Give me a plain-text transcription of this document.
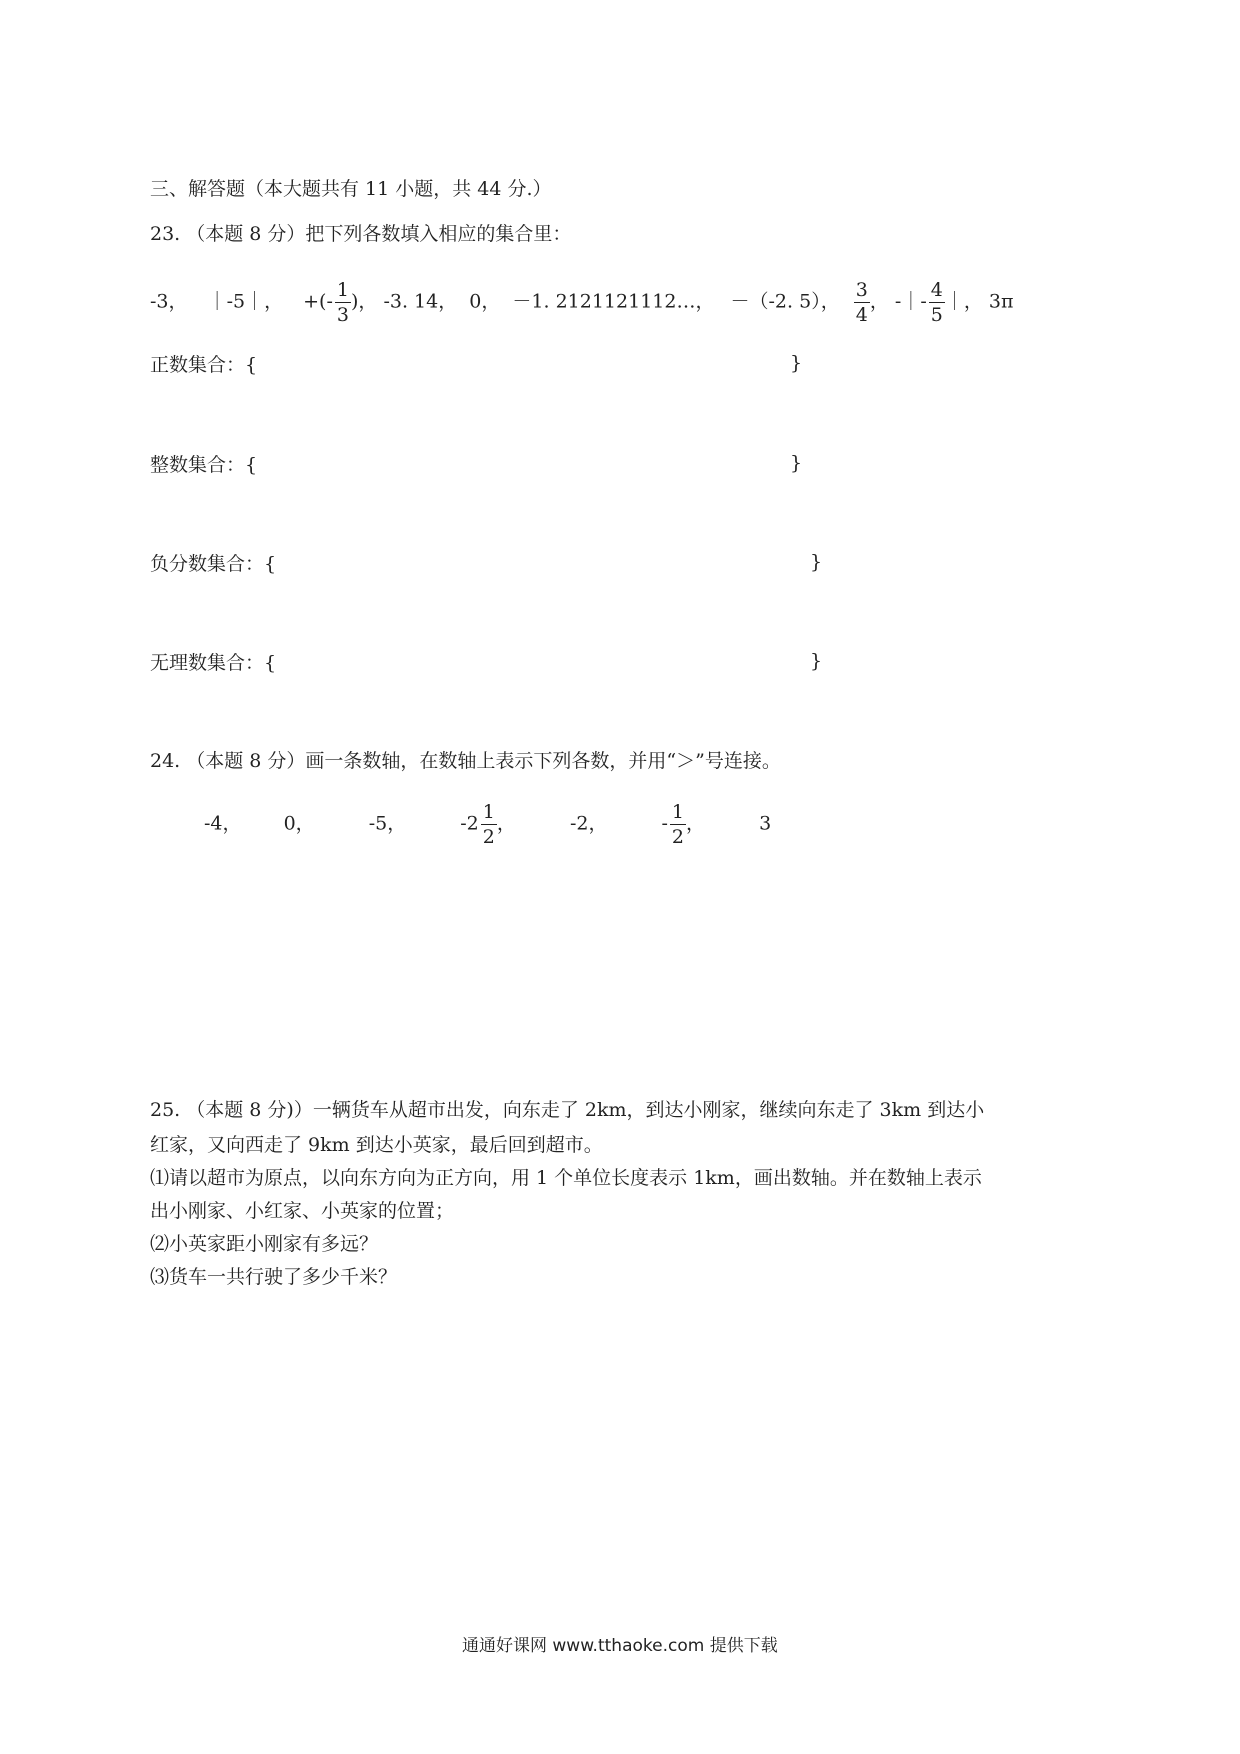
三、解答题（本大题共有 11 小题，共 44 分.）
23. （本题 8 分）把下列各数填入相应的集合里：
-3， ｜-5｜， +(- $\frac{1}{3}$ )， -3. 14， 0， －1. 2121121112…， －（-2. 5）， $\frac{3}{4}$ ， -｜- $\frac{4}{5}$ ｜， 3π
正数集合：{	}
整数集合：{	}
负分数集合：{	}
无理数集合：{	}
24. （本题 8 分）画一条数轴，在数轴上表示下列各数，并用“＞”号连接。
-4， 0，	-5，	$-2 \frac{1}{2}$ ，	-2，	- $\frac{1}{2}$ ，	3
25. （本题 8 分)）一辆货车从超市出发，向东走了 2km，到达小刚家，继续向东走了 3km 到达小
红家，又向西走了 9km 到达小英家，最后回到超市。
⑴请以超市为原点，以向东方向为正方向，用 1 个单位长度表示 1km，画出数轴。并在数轴上表示
出小刚家、小红家、小英家的位置；
⑵小英家距小刚家有多远？
⑶货车一共行驶了多少千米？
通通好课网 www.tthaoke.com 提供下载
